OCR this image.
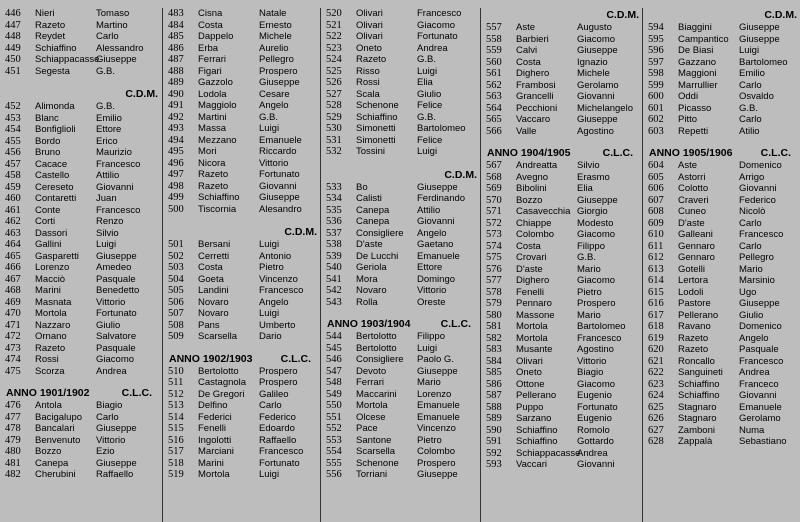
446 Nieri	Tomaso
447 Razeto	Martino
448 Reydet	Carlo
449 Schiaffino Alessandro
450 Schiappacasse
Giuseppe
451 Segesta	G.B.
C.D.M.
452 Alimonda G.B.
453 Blanc	Emilio
454 Bonfiglioli Ettore
455 Bordo	Erico
456 Bruno	Maurizio
457 Cacace	Francesco
458 Castello	Attilio
459 Cereseto Giovanni
460 Contaretti Juan
461 Conte	Francesco
462 Corti	Renzo
463 Dassori	Silvio
464 Gallini	Luigi
465 Gasparetti Giuseppe
466 Lorenzo	Amedeo
467 Macciò	Pasquale
468 Marini	Benedetto
469 Masnata	Vittorio
470 Mortola	Fortunato
471 Nazzaro	Giulio
472 Ornano	Salvatore
473 Razeto	Pasquale
474 Rossi	Giacomo
475 Scorza	Andrea
ANNO 1901/1902	C.L.C.
476 Antola	Biagio
477 Bacigalupo Carlo
478 Bancalari Giuseppe
479 Benvenuto Vittorio
480 Bozzo	Ezio
481 Canepa	Giuseppe
482 Cherubini Raffaello
483 Cisna	Natale
484 Costa	Ernesto
485 Dappelo	Michele
486 Erba	Aurelio
487 Ferrari	Pellegro
488 Figari	Prospero
489 Gazzolo	Giuseppe
490 Lodola	Cesare
491 Maggiolo Angelo
492 Martini	G.B.
493 Massa	Luigi
494 Mezzano Emanuele
495 Mori	Riccardo
496 Nicora	Vittorio
497 Razeto	Fortunato
498 Razeto	Giovanni
499 Schiaffino Giuseppe
500 Tiscornia Alesandro
C.D.M.
501 Bersani	Luigi
502 Cerretti	Antonio
503 Costa	Pietro
504 Goeta	Vincenzo
505 Landini	Francesco
506 Novaro	Angelo
507 Novaro	Luigi
508 Pans	Umberto
509 Scarsella Dario
ANNO 1902/1903	C.L.C.
510 Bertolotto Prospero
511 Castagnola Prospero
512 De Gregori Galileo
513 Delfino	Carlo
514 Federici	Federico
515 Fenelli	Edoardo
516 Ingolotti	Raffaello
517 Marciani	Francesco
518 Marini	Fortunato
519 Mortola	Luigi
520 Olivari	Francesco
521 Olivari	Giacomo
522 Olivari	Fortunato
523 Oneto	Andrea
524 Razeto	G.B.
525 Risso	Luigi
526 Rossi	Elia
527 Scala	Giulio
528 Schenone Felice
529 Schiaffino G.B.
530 Simonetti Bartolomeo
531 Simonetti Felice
532 Tossini	Luigi
C.D.M.
533 Bo	Giuseppe
534 Calisti	Ferdinando
535 Canepa	Attilio
536 Canepa	Giovanni
537 Consigliere Angelo
538 D'aste	Gaetano
539 De Lucchi Emanuele
540 Geriola	Ettore
541 Mora	Domingo
542 Novaro	Vittorio
543 Rolla	Oreste
ANNO 1903/1904	C.L.C.
544 Bertolotto Filippo
545 Bertolotto Luigi
546 Consigliere Paolo G.
547 Devoto	Giuseppe
548 Ferrari	Mario
549 Maccarini Lorenzo
550 Mortola	Emanuele
551 Olcese	Emanuele
552 Pace	Vincenzo
553 Santone	Pietro
554 Scarsella Colombo
555 Schenone Prospero
556 Torriani	Giuseppe
C.D.M.
557 Aste	Augusto
558 Barbieri	Giacomo
559 Calvi	Giuseppe
560 Costa	Ignazio
561 Dighero	Michele
562 Frambosi Gerolamo
563 Grancelli Giovanni
564 Pecchioni Michelangelo
565 Vaccaro	Giuseppe
566 Valle	Agostino
ANNO 1904/1905	C.L.C.
567 Andreatta Silvio
568 Avegno	Erasmo
569 Bibolini	Elia
570 Bozzo	Giuseppe
571 Casavecchia Giorgio
572 Chiappe	Modesto
573 Colombo Giacomo
574 Costa	Filippo
575 Crovari	G.B.
576 D'aste	Mario
577 Dighero	Giacomo
578 Fenelli	Pietro
579 Pennaro	Prospero
580 Massone Mario
581 Mortola	Bartolomeo
582 Mortola	Francesco
583 Musante	Agostino
584 Olivari	Vittorio
585 Oneto	Biagio
586 Ottone	Giacomo
587 Pellerano Eugenio
588 Puppo	Fortunato
589 Sarzano	Eugenio
590 Schiaffino Romolo
591 Schiaffino Gottardo
592 Schiappacasse
Andrea
593 Vaccari	Giovanni
C.D.M.
594 Biaggini	Giuseppe
595 Campantico Giuseppe
596 De Biasi	Luigi
597 Gazzano Bartolomeo
598 Maggioni Emilio
599 Marrullier Carlo
600 Oddi	Osvaldo
601 Picasso	G.B.
602 Pitto	Carlo
603 Repetti	Atilio
ANNO 1905/1906	C.L.C.
604 Aste	Domenico
605 Astorri	Arrigo
606 Colotto	Giovanni
607 Craveri	Federico
608 Cuneo	Nicolò
609 D'aste	Carlo
610 Galleani	Francesco
611 Gennaro	Carlo
612 Gennaro	Pellegro
613 Gotelli	Mario
614 Lertora	Marsinio
615 Lodoli	Ugo
616 Pastore	Giuseppe
617 Pellerano Giulio
618 Ravano	Domenico
619 Razeto	Angelo
620 Razeto	Pasquale
621 Roncallo	Francesco
622 Sanguineti Andrea
623 Schiaffino Franceco
624 Schiaffino Giovanni
625 Stagnaro Emanuele
626 Stagnaro Gerolamo
627 Zamboni	Numa
628 Zappalà	Sebastiano
